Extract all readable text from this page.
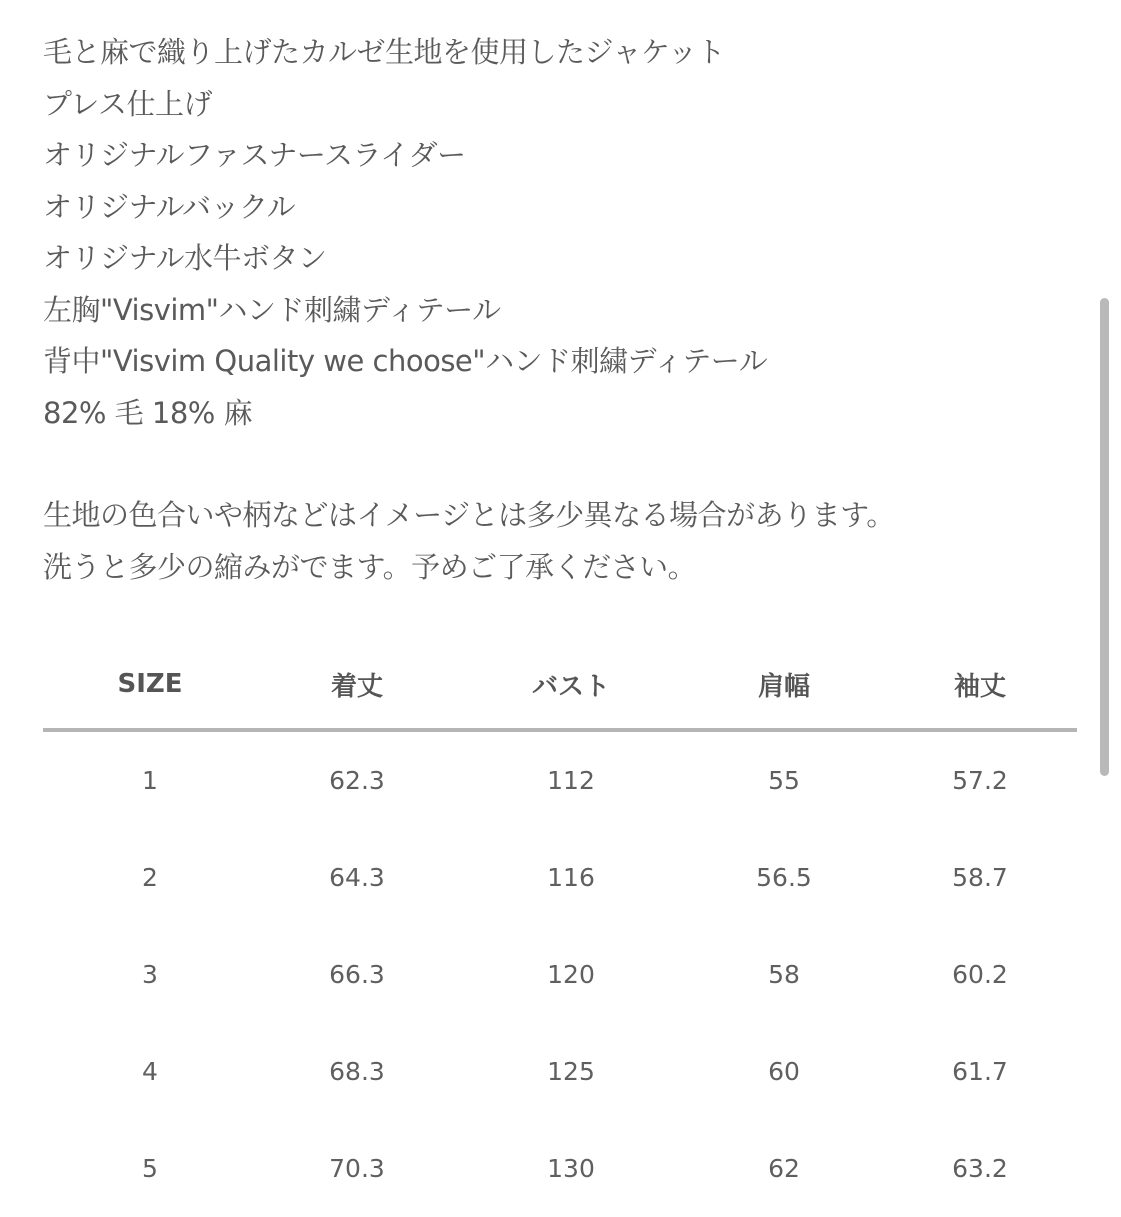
毛と麻で織り上げたカルゼ生地を使用したジャケット
プレス仕上げ
オリジナルファスナースライダー
オリジナルバックル
オリジナル水牛ボタン
左胸"Visvim"ハンド刺繍ディテール
背中"Visvim Quality we choose"ハンド刺繍ディテール
82% 毛 18% 麻
生地の色合いや柄などはイメージとは多少異なる場合があります。
洗うと多少の縮みがでます。予めご了承ください。
SIZE	着丈	バスト	肩幅	袖丈
1	62.3	112	55	57.2
2	64.3	116	56.5	58.7
3	66.3	120	58	60.2
4	68.3	125	60	61.7
5	70.3	130	62	63.2
